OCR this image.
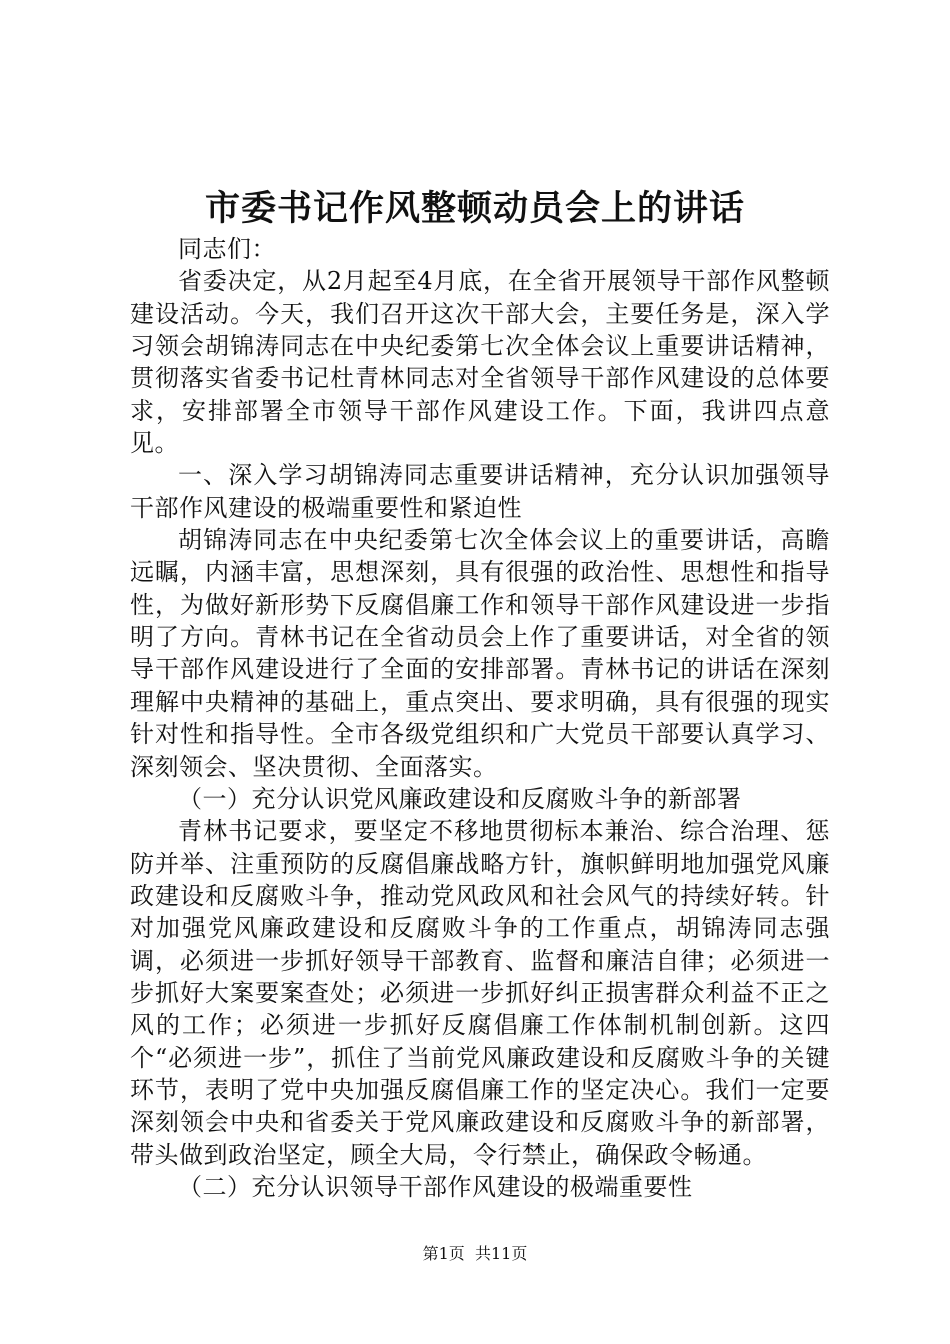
市委书记作风整顿动员会上的讲话

同志们：

省委决定，从2月起至4月底，在全省开展领导干部作风整顿建设活动。今天，我们召开这次干部大会，主要任务是，深入学习领会胡锦涛同志在中央纪委第七次全体会议上重要讲话精神，贯彻落实省委书记杜青林同志对全省领导干部作风建设的总体要求，安排部署全市领导干部作风建设工作。下面，我讲四点意见。

一、深入学习胡锦涛同志重要讲话精神，充分认识加强领导干部作风建设的极端重要性和紧迫性

胡锦涛同志在中央纪委第七次全体会议上的重要讲话，高瞻远瞩，内涵丰富，思想深刻，具有很强的政治性、思想性和指导性，为做好新形势下反腐倡廉工作和领导干部作风建设进一步指明了方向。青林书记在全省动员会上作了重要讲话，对全省的领导干部作风建设进行了全面的安排部署。青林书记的讲话在深刻理解中央精神的基础上，重点突出、要求明确，具有很强的现实针对性和指导性。全市各级党组织和广大党员干部要认真学习、深刻领会、坚决贯彻、全面落实。

（一）充分认识党风廉政建设和反腐败斗争的新部署

青林书记要求，要坚定不移地贯彻标本兼治、综合治理、惩防并举、注重预防的反腐倡廉战略方针，旗帜鲜明地加强党风廉政建设和反腐败斗争，推动党风政风和社会风气的持续好转。针对加强党风廉政建设和反腐败斗争的工作重点，胡锦涛同志强调，必须进一步抓好领导干部教育、监督和廉洁自律；必须进一步抓好大案要案查处；必须进一步抓好纠正损害群众利益不正之风的工作；必须进一步抓好反腐倡廉工作体制机制创新。这四个“必须进一步”，抓住了当前党风廉政建设和反腐败斗争的关键环节，表明了党中央加强反腐倡廉工作的坚定决心。我们一定要深刻领会中央和省委关于党风廉政建设和反腐败斗争的新部署，带头做到政治坚定，顾全大局，令行禁止，确保政令畅通。

（二）充分认识领导干部作风建设的极端重要性

第1页 共11页
